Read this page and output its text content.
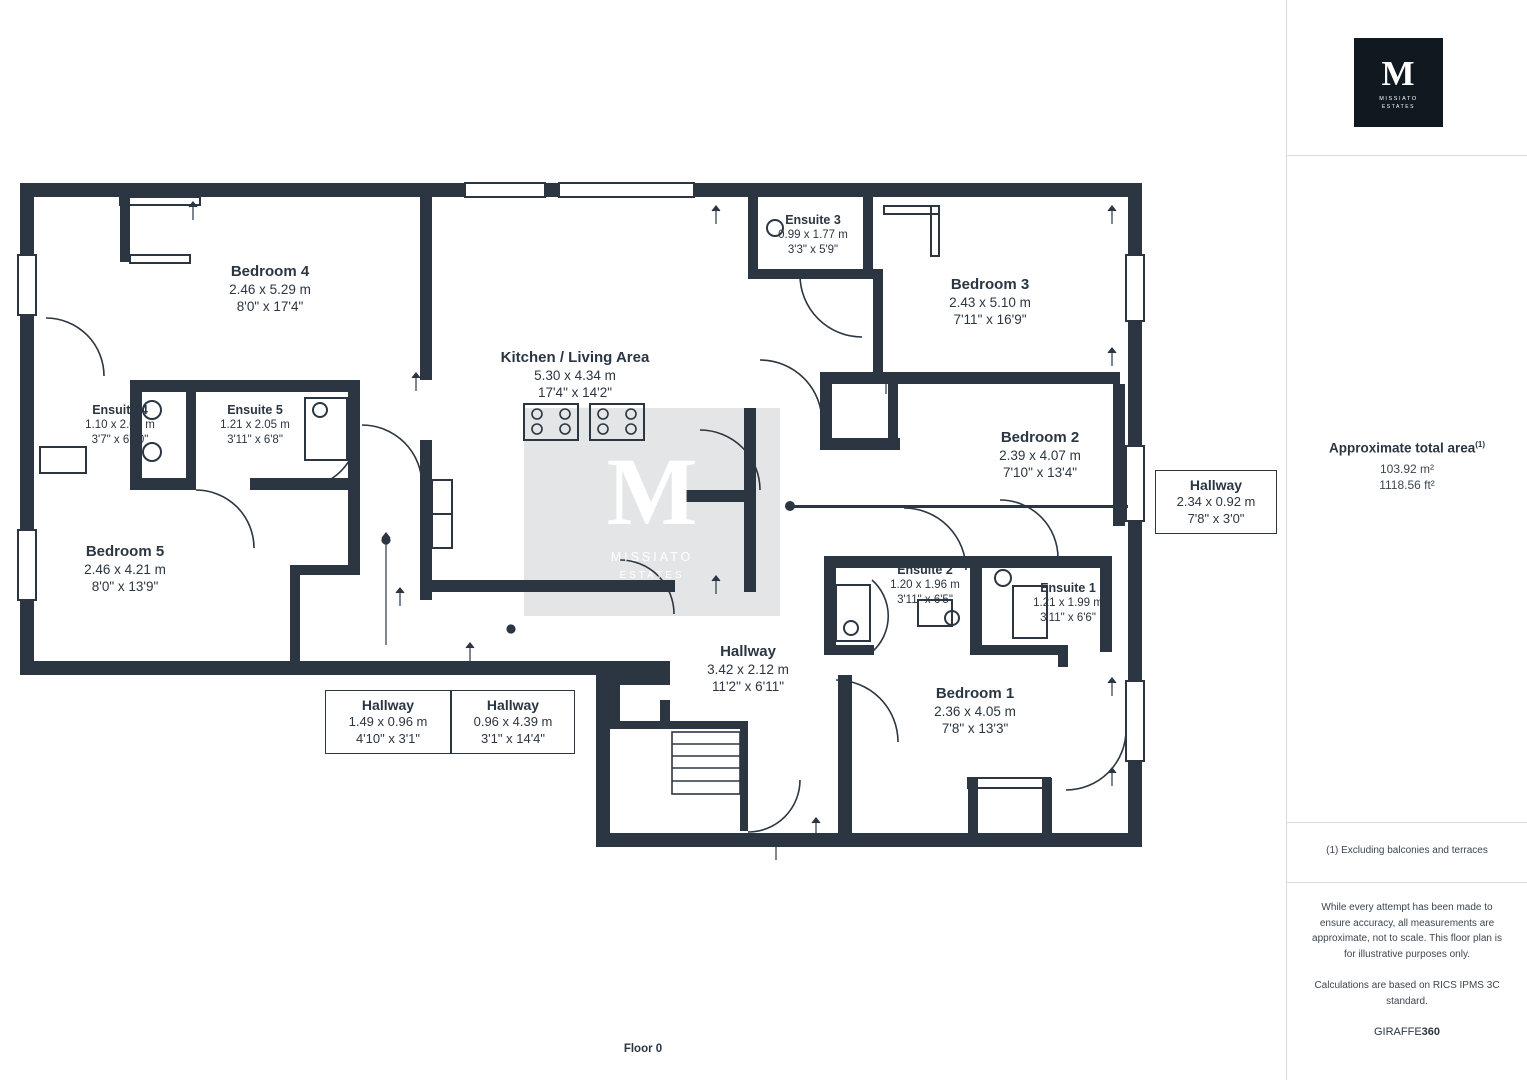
M
MISSIATO
ESTATES
Bedroom 4
2.46 x 5.29 m
8'0" x 17'4"
Kitchen / Living Area
5.30 x 4.34 m
17'4" x 14'2"
Ensuite 3
0.99 x 1.77 m
3'3" x 5'9"
Bedroom 3
2.43 x 5.10 m
7'11" x 16'9"
Ensuite 4
1.10 x 2.09 m
3'7" x 6'10"
Ensuite 5
1.21 x 2.05 m
3'11" x 6'8"	Bedroom 2
2.39 x 4.07 m
7'10" x 13'4"
Bedroom 5
2.46 x 4.21 m
8'0" x 13'9"
Ensuite 2
1.20 x 1.96 m
3'11" x 6'5"
Ensuite 1
1.21 x 1.99 m
3'11" x 6'6"
Hallway
3.42 x 2.12 m
11'2" x 6'11"	Bedroom 1
2.36 x 4.05 m
7'8" x 13'3"
Hallway
2.34 x 0.92 m
7'8" x 3'0"
Hallway
1.49 x 0.96 m
4'10" x 3'1"
Hallway
0.96 x 4.39 m
3'1" x 14'4"
Floor 0
M
MISSIATO
ESTATES
Approximate total area$^{(1)}$
103.92 m²
1118.56 ft²
(1) Excluding balconies and terraces
While every attempt has been made to ensure accuracy, all measurements are approximate, not to scale. This floor plan is for illustrative purposes only.
Calculations are based on RICS IPMS 3C standard.
GIRAFFE360
